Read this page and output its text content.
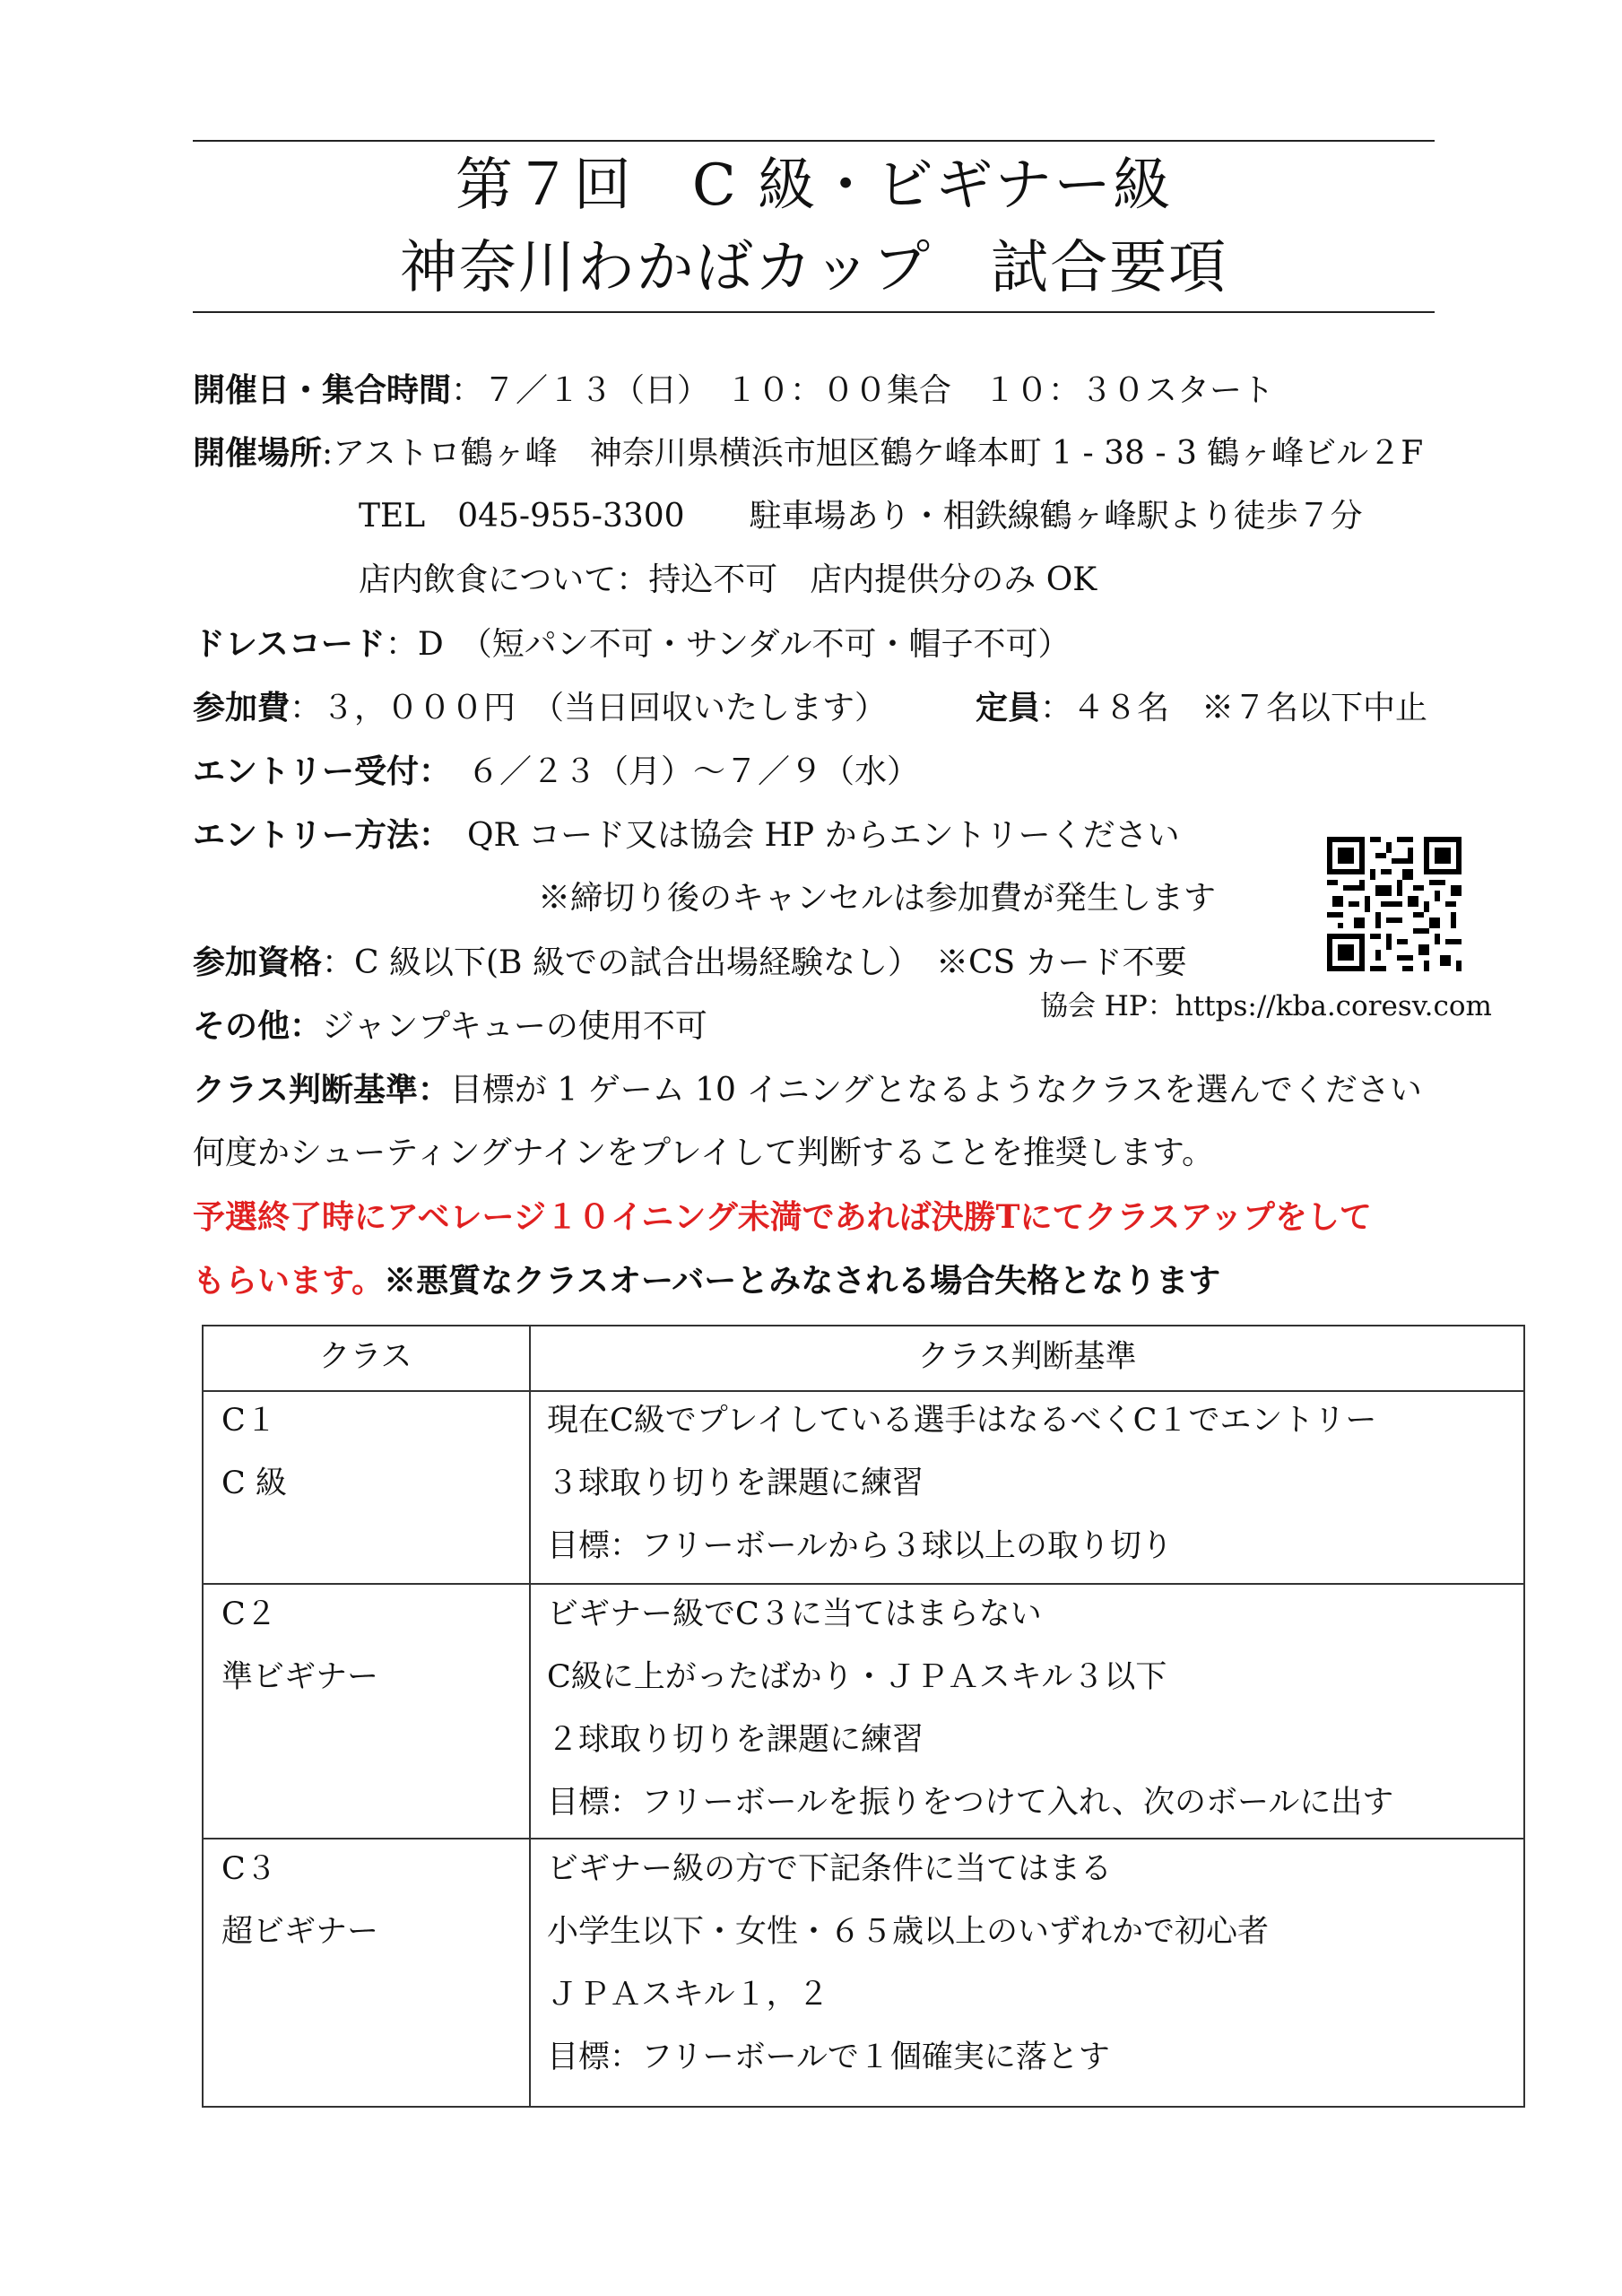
第７回　C 級・ビギナー級
神奈川わかばカップ　試合要項
開催日・集合時間：７／１３（日）　１０：００集合　１０：３０スタート
開催場所:アストロ鶴ヶ峰　神奈川県横浜市旭区鶴ケ峰本町 1 ‐ 38 ‐ 3 鶴ヶ峰ビル２F
TEL　045-955-3300　　駐車場あり・相鉄線鶴ヶ峰駅より徒歩７分
店内飲食について：持込不可　店内提供分のみ OK
ドレスコード：D　（短パン不可・サンダル不可・帽子不可）
参加費：３，０００円　（当日回収いたします）	定員：４８名　※７名以下中止
エントリー受付：　６／２３（月）～７／９（水）
エントリー方法：　QR コード又は協会 HP からエントリーください
※締切り後のキャンセルは参加費が発生します
協会 HP：https://kba.coresv.com
参加資格：C 級以下(B 級での試合出場経験なし）　※CS カード不要
その他：ジャンプキューの使用不可
クラス判断基準：目標が 1 ゲーム 10 イニングとなるようなクラスを選んでください
何度かシューティングナインをプレイして判断することを推奨します。
予選終了時にアベレージ１０イニング未満であれば決勝Tにてクラスアップをして
もらいます。※悪質なクラスオーバーとみなされる場合失格となります
クラス	クラス判断基準
C１
C 級
現在C級でプレイしている選手はなるべくC１でエントリー
３球取り切りを課題に練習
目標：フリーボールから３球以上の取り切り
C２
準ビギナー
ビギナー級でC３に当てはまらない
C級に上がったばかり・ＪＰＡスキル３以下
２球取り切りを課題に練習
目標：フリーボールを振りをつけて入れ、次のボールに出す
C３
超ビギナー
ビギナー級の方で下記条件に当てはまる
小学生以下・女性・６５歳以上のいずれかで初心者
ＪＰＡスキル１，２
目標：フリーボールで１個確実に落とす
